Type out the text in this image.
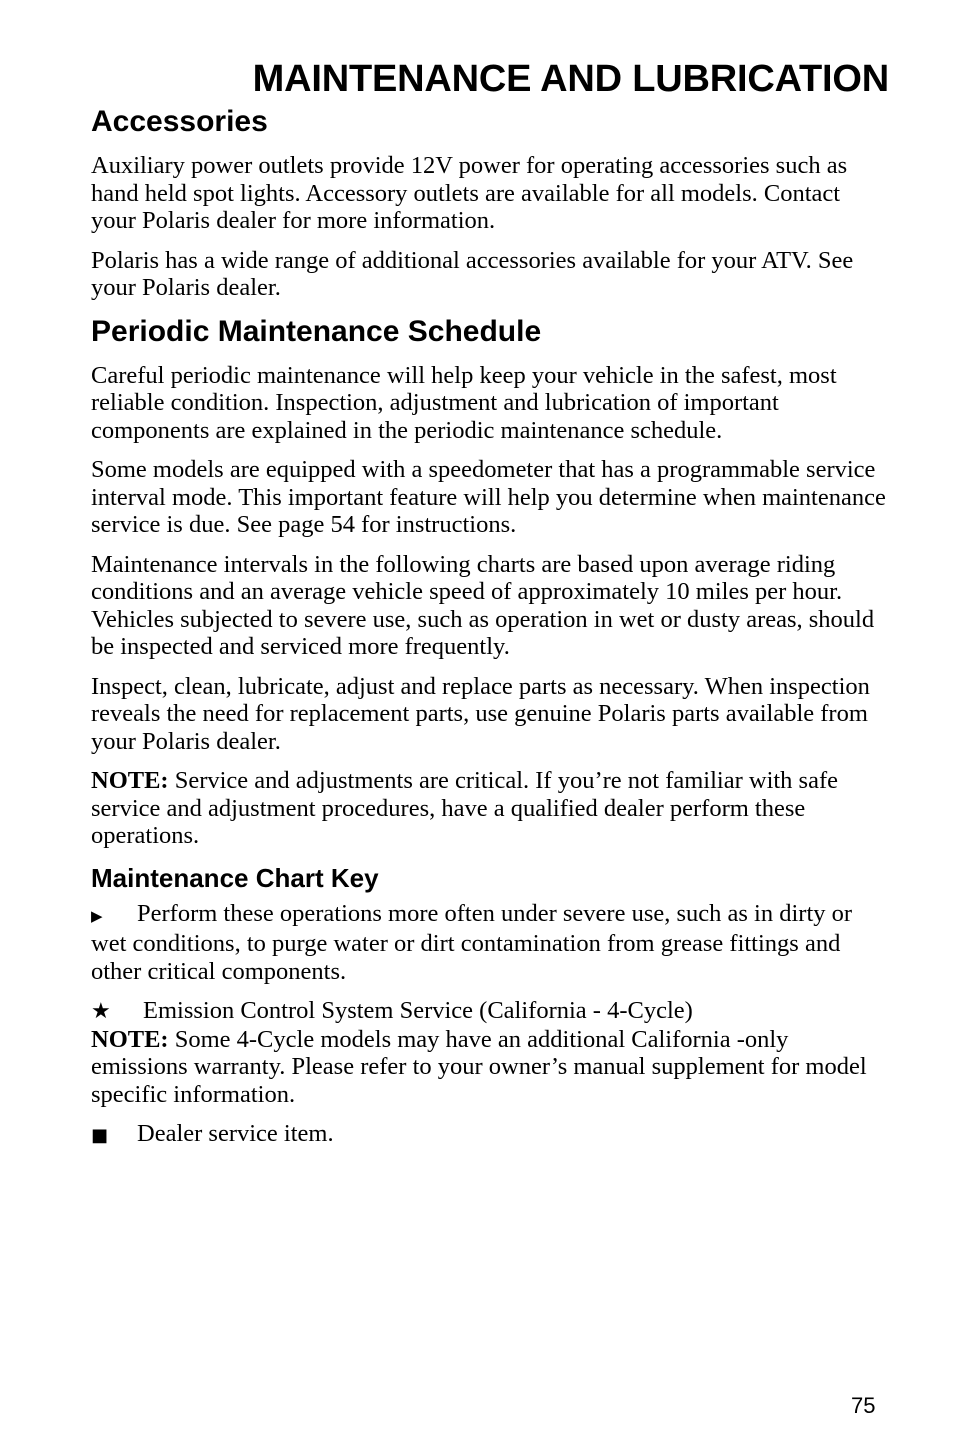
MAINTENANCE AND LUBRICATION
Accessories

Auxiliary power outlets provide 12V power for operating accessories such as hand held spot lights. Accessory outlets are available for all models. Contact your Polaris dealer for more information.

Polaris has a wide range of additional accessories available for your ATV. See your Polaris dealer.

Periodic Maintenance Schedule

Careful periodic maintenance will help keep your vehicle in the safest, most reliable condition. Inspection, adjustment and lubrication of important components are explained in the periodic maintenance schedule.

Some models are equipped with a speedometer that has a programmable service interval mode. This important feature will help you determine when maintenance service is due. See page 54 for instructions.

Maintenance intervals in the following charts are based upon average riding conditions and an average vehicle speed of approximately 10 miles per hour. Vehicles subjected to severe use, such as operation in wet or dusty areas, should be inspected and serviced more frequently.

Inspect, clean, lubricate, adjust and replace parts as necessary. When inspection reveals the need for replacement parts, use genuine Polaris parts available from your Polaris dealer.

NOTE: Service and adjustments are critical. If you’re not familiar with safe service and adjustment procedures, have a qualified dealer perform these operations.

Maintenance Chart Key

▶ Perform these operations more often under severe use, such as in dirty or wet conditions, to purge water or dirt contamination from grease fittings and other critical components.

★ Emission Control System Service (California - 4-Cycle)
NOTE: Some 4-Cycle models may have an additional California -only emissions warranty. Please refer to your owner’s manual supplement for model specific information.

■ Dealer service item.

75
